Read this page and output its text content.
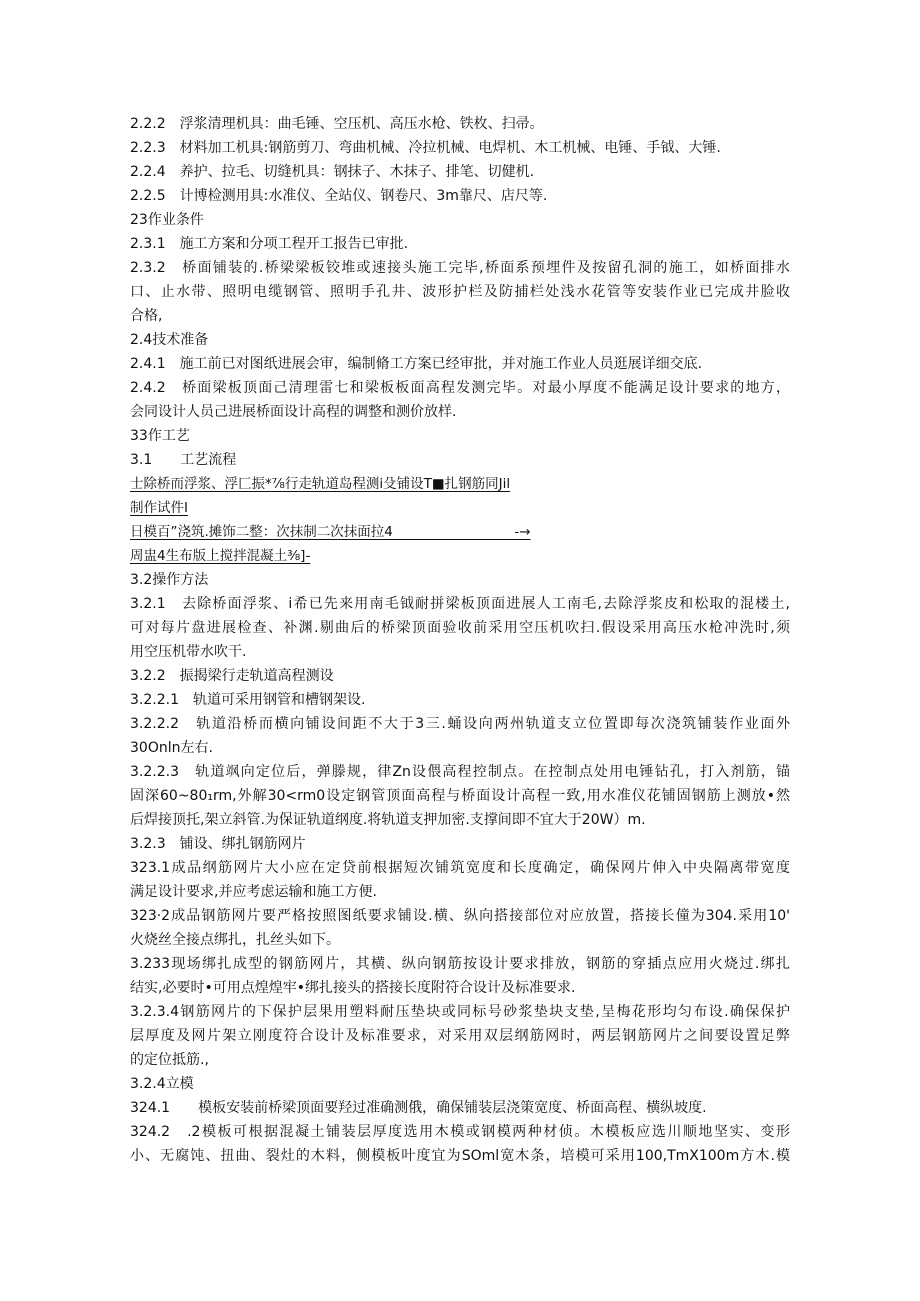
2.2.2　浮浆清理机具：曲毛锤、空压机、高压水枪、铁枚、扫帚。
2.2.3　材料加工机具:钢筋剪刀、弯曲机械、冷拉机械、电焊机、木工机械、电锤、手钺、大锤.
2.2.4　养护、拉毛、切缝机具：钢抹子、木抹子、排笔、切健机.
2.2.5　计博检测用具:水准仪、全站仪、钢卷尺、3m靠尺、店尺等.
23作业条件
2.3.1　施工方案和分项工程开工报告已审批.
2.3.2　桥面铺装的.桥梁梁板铰堆或速接头施工完毕,桥面系预埋件及按留孔洞的施工，如桥面排水
口、止水带、照明电缆钢管、照明手孔井、波形护栏及防捕栏处浅水花管等安装作业已完成井脸收
合格,
2.4技术准备
2.4.1　施工前已对图纸进展会审，编制脩工方案已经审批，并对施工作业人员逛展详细交底.
2.4.2　桥面梁板顶面己清理雷七和梁板板面高程发测完毕。对最小厚度不能满足设计要求的地方，
会同设计人员己进展桥面设计高程的调整和测价放样.
33作工艺
3.1　　工艺流程
士除桥而浮浆、浮匚振*⅞行走轨道岛程测i殳铺设T■扎钢筋同Jil
制作试件I
日模百”浇筑.摊饰二整：次抹制二次抹面拉4　　　　　　　　　-→
周盅4生布版上搅拌混凝土⅜]-
3.2操作方法
3.2.1　去除桥面浮浆、i希已先来用南毛钺耐拼梁板顶面进展人工南毛,去除浮浆皮和松取的混楼土,
可对每片盘进展检查、补渊.剔曲后的桥梁顶面验收前采用空压机吹扫.假设采用高压水枪冲洗时,须
用空压机带水吹干.
3.2.2　振揭梁行走轨道高程测设
3.2.2.1　轨道可采用钢管和槽钢架设.
3.2.2.2　轨道沿桥而横向铺设间距不大于3三.蛹设向两州轨道支立位置即每次浇筑铺装作业面外
30Onln左右.
3.2.2.3　轨道飒向定位后，弹滕规，律Zn设偎高程控制点。在控制点处用电锤钻孔，打入剂筋，锚
固深60~80₁rm,外解30<rm0设定钢管顶面高程与桥面设计高程一致,用水准仪花铺固钢筋上测放•然
后焊接顶托,架立斜管.为保证轨道纲度.将轨道支押加密.支撑间即不宜大于20W）m.
3.2.3　铺设、绑扎钢筋网片
323.1成品纲筋网片大小应在定贷前根据短次铺筑宽度和长度确定，确保网片伸入中央隔离带宽度
满足设计要求,并应考虑运输和施工方便.
323·2成品钢筋网片要严格按照图纸要求铺设.横、纵向搭接部位对应放置，搭接长僮为304.采用10'
火烧丝全接点绑扎，扎丝头如下。
3.233现场绑扎成型的钢筋网片，其横、纵向钢筋按设计要求排放，钢筋的穿插点应用火烧过.绑扎
结实,必要时•可用点煌煌牢•绑扎接头的搭接长度附符合设计及标准要求.
3.2.3.4钢筋网片的下保护层果用塑料耐压垫块或同标号砂浆垫块支垫,呈梅花形均匀布设.确保保护
层厚度及网片架立刚度符合设计及标准要求，对采用双层纲筋网时，两层钢筋网片之间要设置足弊
的定位抵筋.,
3.2.4立模
324.1　　模板安装前桥梁顶面要羟过准确测俄，确保铺装层浇策宽度、桥面高程、横纵坡度.
324.2　.2模板可根据混凝土铺装层厚度选用木模或钢模两种材侦。木模板应选川顺地坚实、变形
小、无腐饨、扭曲、裂灶的木料，侧模板叶度宜为SOml宽木条，培模可采用100,TmX100m方木.模
